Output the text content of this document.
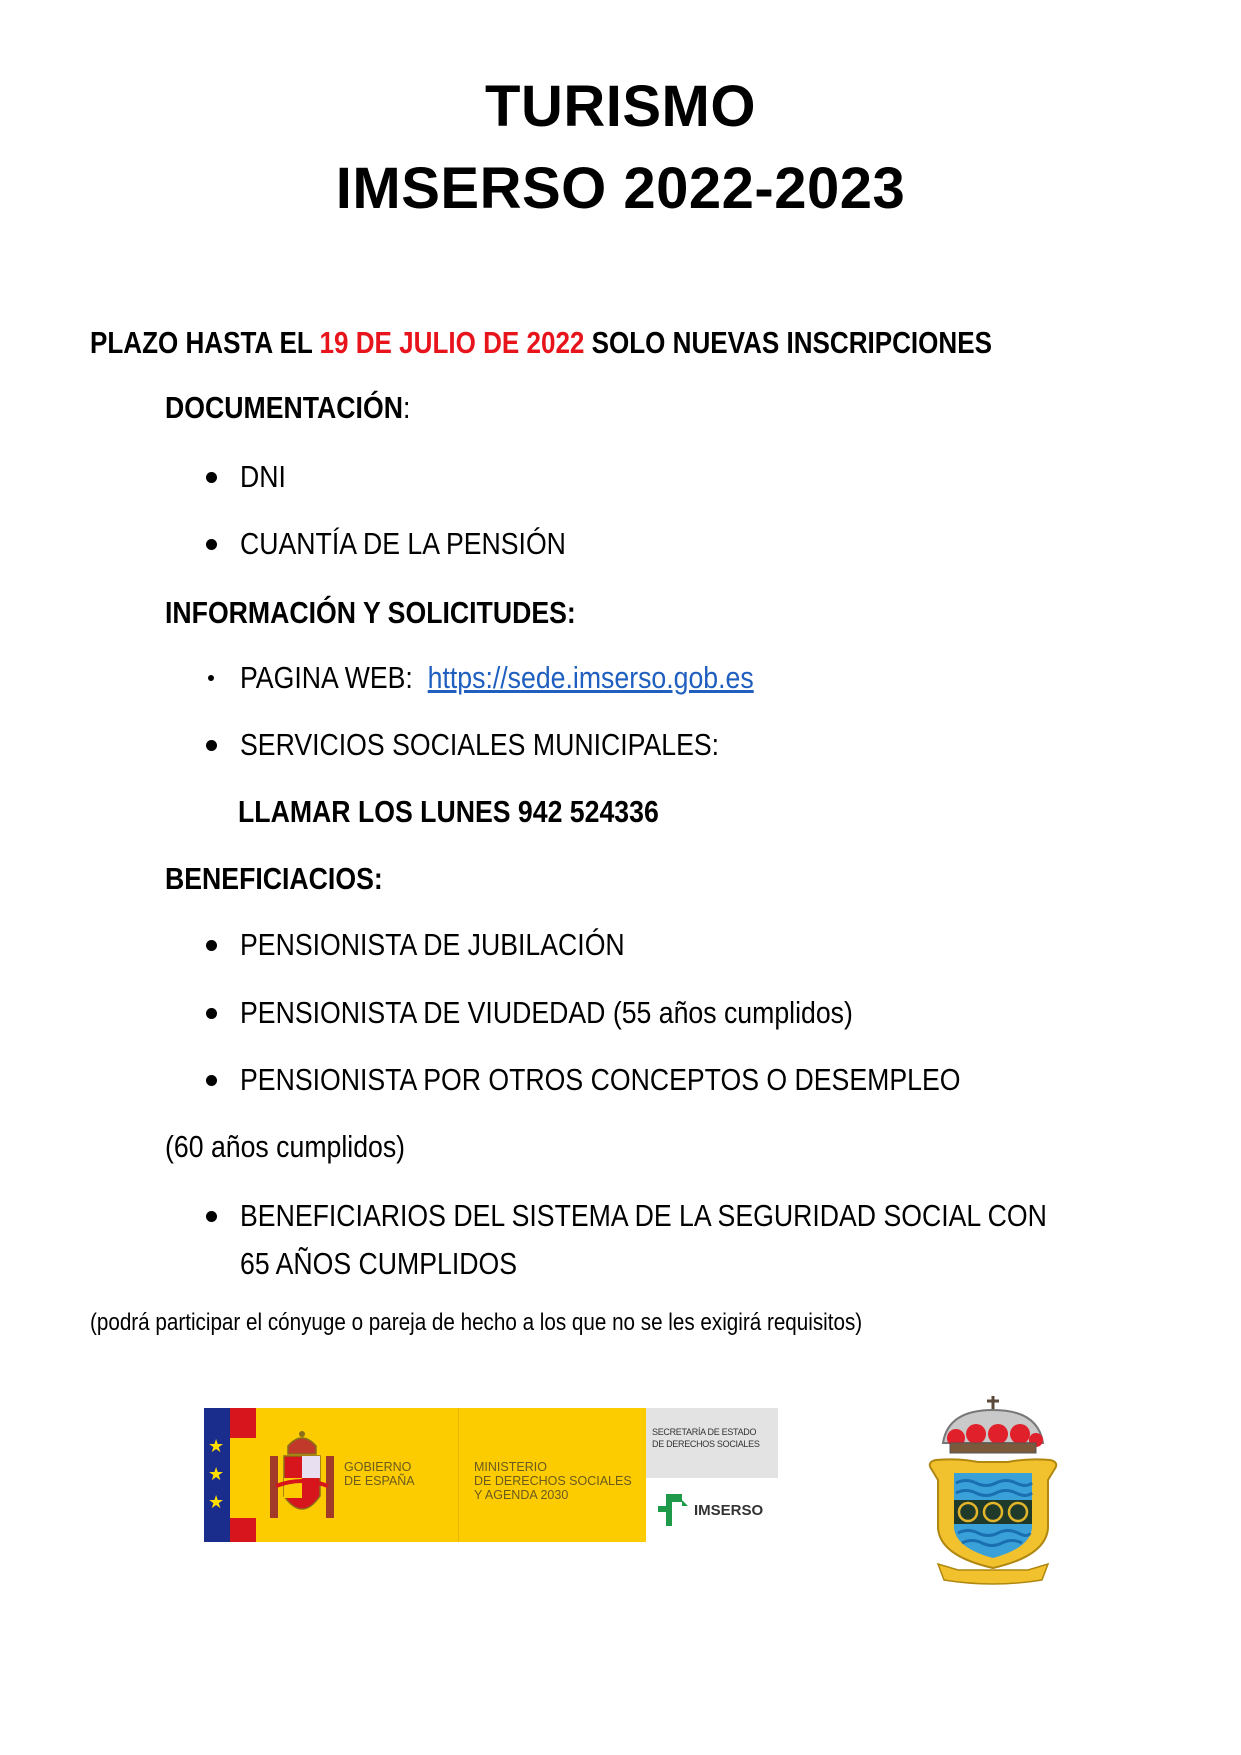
TURISMO
IMSERSO 2022-2023
PLAZO HASTA EL 19 DE JULIO DE 2022 SOLO NUEVAS INSCRIPCIONES
DOCUMENTACIÓN:
DNI
CUANTÍA DE LA PENSIÓN
INFORMACIÓN Y SOLICITUDES:
PAGINA WEB: https://sede.imserso.gob.es
SERVICIOS SOCIALES MUNICIPALES:
LLAMAR LOS LUNES 942 524336
BENEFICIACIOS:
PENSIONISTA DE JUBILACIÓN
PENSIONISTA DE VIUDEDAD (55 años cumplidos)
PENSIONISTA POR OTROS CONCEPTOS O DESEMPLEO
(60 años cumplidos)
BENEFICIARIOS DEL SISTEMA DE LA SEGURIDAD SOCIAL CON
65 AÑOS CUMPLIDOS
(podrá participar el cónyuge o pareja de hecho a los que no se les exigirá requisitos)
★
★
★
GOBIERNO
DE ESPAÑA
MINISTERIO
DE DERECHOS SOCIALES
Y AGENDA 2030
SECRETARÍA DE ESTADO
DE DERECHOS SOCIALES
IMSERSO
